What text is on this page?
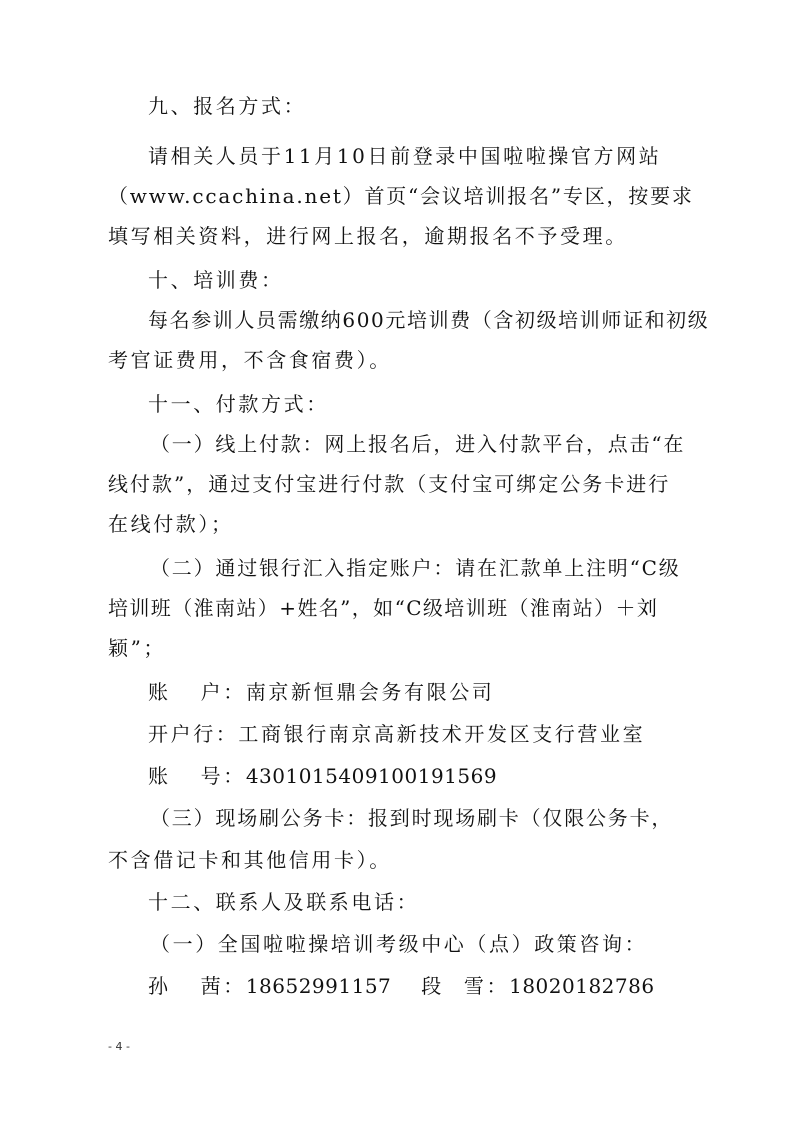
九、报名方式：
请相关人员于11月10日前登录中国啦啦操官方网站
（www.ccachina.net）首页“会议培训报名”专区，按要求
填写相关资料，进行网上报名，逾期报名不予受理。
十、培训费：
每名参训人员需缴纳600元培训费（含初级培训师证和初级
考官证费用，不含食宿费）。
十一、付款方式：
（一）线上付款：网上报名后，进入付款平台，点击“在
线付款”，通过支付宝进行付款（支付宝可绑定公务卡进行
在线付款）；
（二）通过银行汇入指定账户：请在汇款单上注明“C级
培训班（淮南站）+姓名”，如“C级培训班（淮南站）＋刘
颖”；
账 户：南京新恒鼎会务有限公司
开户行：工商银行南京高新技术开发区支行营业室
账 号：4301015409100191569
（三）现场刷公务卡：报到时现场刷卡（仅限公务卡，
不含借记卡和其他信用卡）。
十二、联系人及联系电话：
（一）全国啦啦操培训考级中心（点）政策咨询：
孙 茜：18652991157 段 雪：18020182786
- 4 -
